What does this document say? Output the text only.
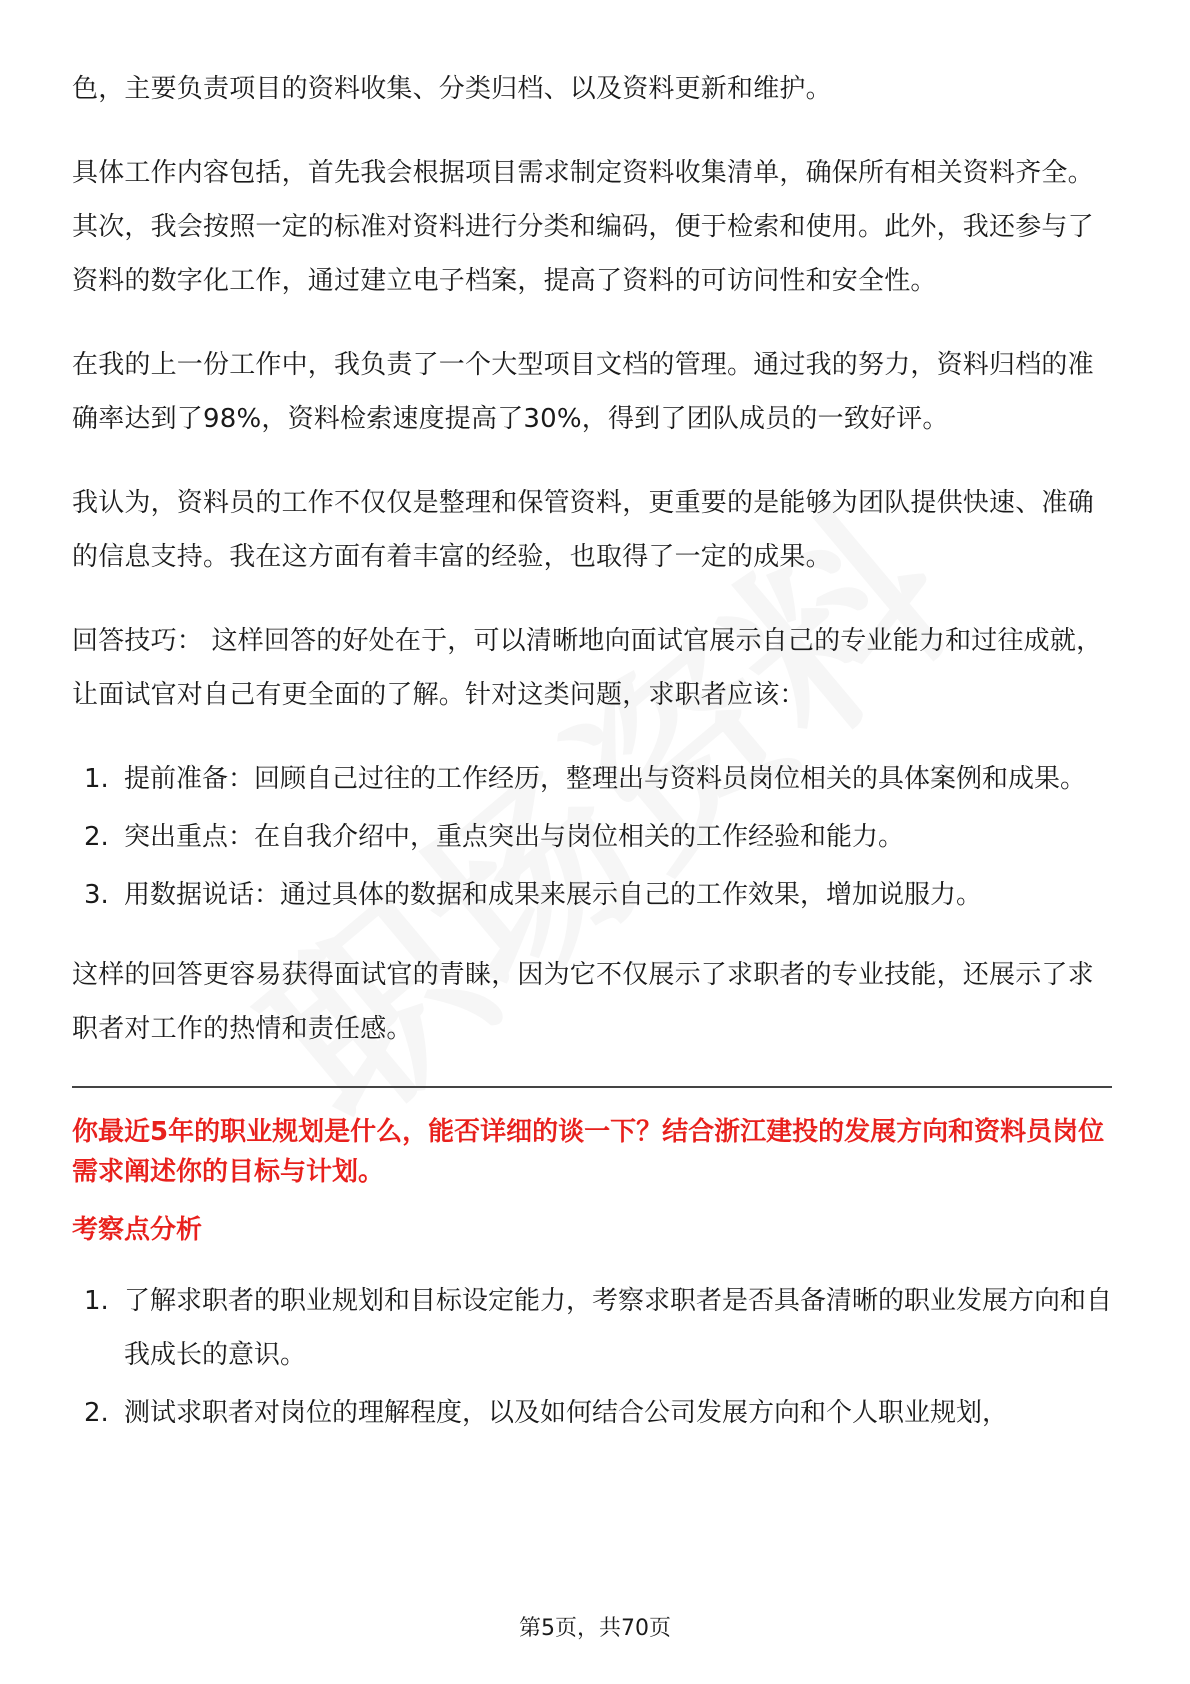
色，主要负责项目的资料收集、分类归档、以及资料更新和维护。

具体工作内容包括，首先我会根据项目需求制定资料收集清单，确保所有相关资料齐全。其次，我会按照一定的标准对资料进行分类和编码，便于检索和使用。此外，我还参与了资料的数字化工作，通过建立电子档案，提高了资料的可访问性和安全性。

在我的上一份工作中，我负责了一个大型项目文档的管理。通过我的努力，资料归档的准确率达到了98%，资料检索速度提高了30%，得到了团队成员的一致好评。

我认为，资料员的工作不仅仅是整理和保管资料，更重要的是能够为团队提供快速、准确的信息支持。我在这方面有着丰富的经验，也取得了一定的成果。

回答技巧： 这样回答的好处在于，可以清晰地向面试官展示自己的专业能力和过往成就，让面试官对自己有更全面的了解。针对这类问题，求职者应该：

1. 提前准备：回顾自己过往的工作经历，整理出与资料员岗位相关的具体案例和成果。
2. 突出重点：在自我介绍中，重点突出与岗位相关的工作经验和能力。
3. 用数据说话：通过具体的数据和成果来展示自己的工作效果，增加说服力。

这样的回答更容易获得面试官的青睐，因为它不仅展示了求职者的专业技能，还展示了求职者对工作的热情和责任感。

你最近5年的职业规划是什么，能否详细的谈一下？结合浙江建投的发展方向和资料员岗位需求阐述你的目标与计划。

考察点分析

1. 了解求职者的职业规划和目标设定能力，考察求职者是否具备清晰的职业发展方向和自我成长的意识。
2. 测试求职者对岗位的理解程度，以及如何结合公司发展方向和个人职业规划，
第5页，共70页
